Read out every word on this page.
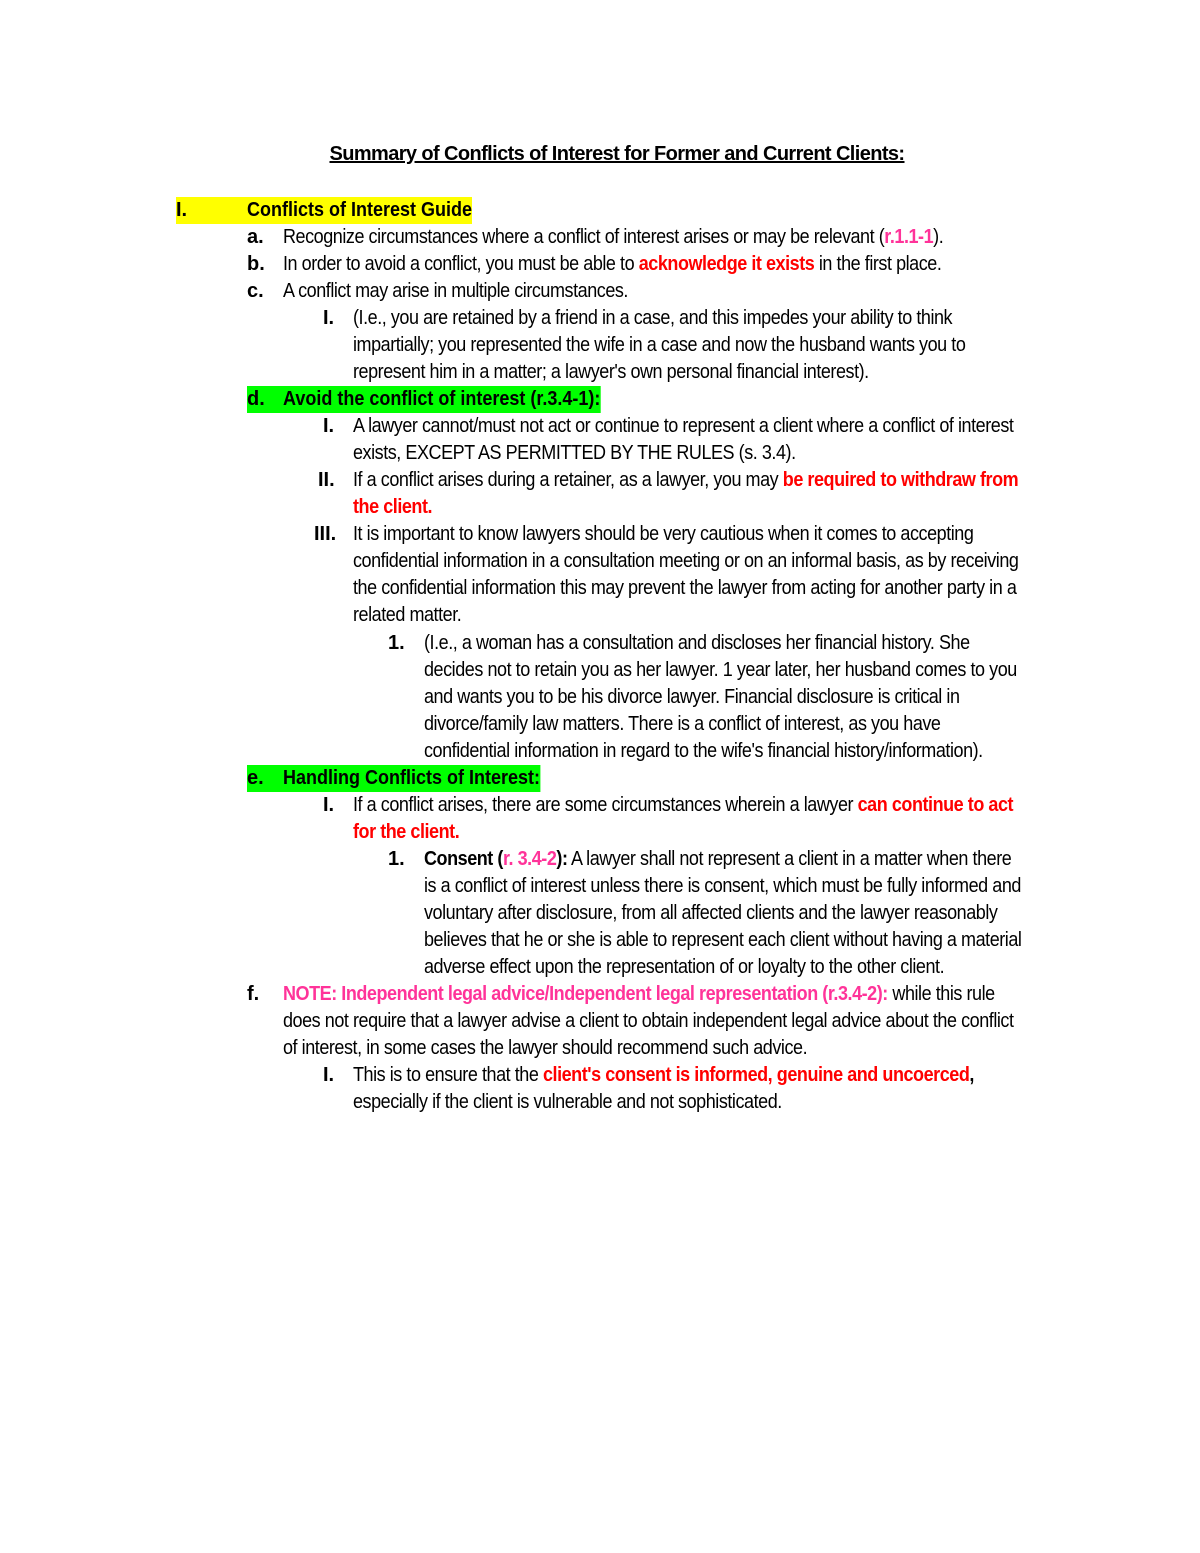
Summary of Conflicts of Interest for Former and Current Clients:
I.	Conflicts of Interest Guide
a. Recognize circumstances where a conflict of interest arises or may be relevant (r.1.1-1).
b. In order to avoid a conflict, you must be able to acknowledge it exists in the first place.
c. A conflict may arise in multiple circumstances.
I. (I.e., you are retained by a friend in a case, and this impedes your ability to think
impartially; you represented the wife in a case and now the husband wants you to
represent him in a matter; a lawyer's own personal financial interest).
d. Avoid the conflict of interest (r.3.4-1):
I. A lawyer cannot/must not act or continue to represent a client where a conflict of interest
exists, EXCEPT AS PERMITTED BY THE RULES (s. 3.4).
II. If a conflict arises during a retainer, as a lawyer, you may be required to withdraw from
the client.
III. It is important to know lawyers should be very cautious when it comes to accepting
confidential information in a consultation meeting or on an informal basis, as by receiving
the confidential information this may prevent the lawyer from acting for another party in a
related matter.
1. (I.e., a woman has a consultation and discloses her financial history. She
decides not to retain you as her lawyer. 1 year later, her husband comes to you
and wants you to be his divorce lawyer. Financial disclosure is critical in
divorce/family law matters. There is a conflict of interest, as you have
confidential information in regard to the wife's financial history/information).
e. Handling Conflicts of Interest:
I. If a conflict arises, there are some circumstances wherein a lawyer can continue to act
for the client.
1. Consent (r. 3.4-2): A lawyer shall not represent a client in a matter when there
is a conflict of interest unless there is consent, which must be fully informed and
voluntary after disclosure, from all affected clients and the lawyer reasonably
believes that he or she is able to represent each client without having a material
adverse effect upon the representation of or loyalty to the other client.
f. NOTE: Independent legal advice/Independent legal representation (r.3.4-2): while this rule
does not require that a lawyer advise a client to obtain independent legal advice about the conflict
of interest, in some cases the lawyer should recommend such advice.
I. This is to ensure that the client's consent is informed, genuine and uncoerced,
especially if the client is vulnerable and not sophisticated.
